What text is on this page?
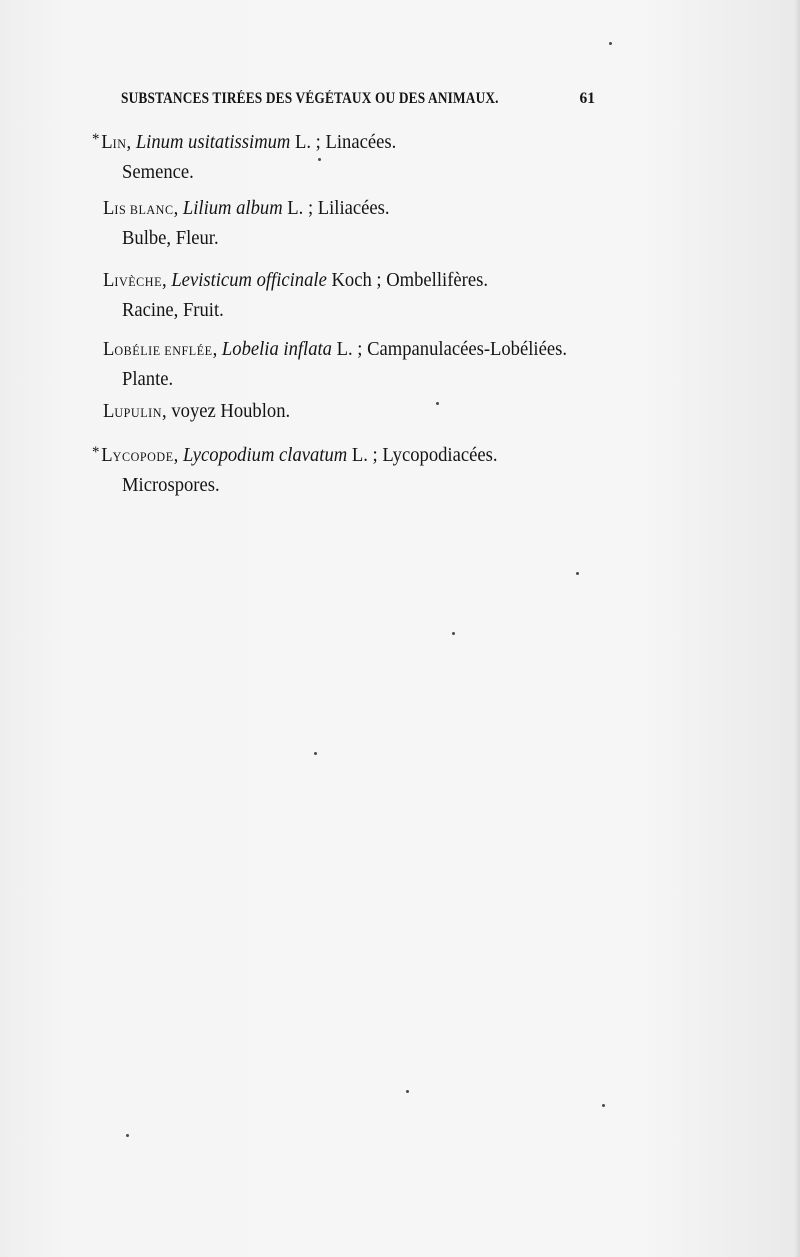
SUBSTANCES TIRÉES DES VÉGÉTAUX OU DES ANIMAUX.	61
*LIN, Linum usitatissimum L. ; Linacées.
Semence.
LIS BLANC, Lilium album L. ; Liliacées.
Bulbe, Fleur.
LIVÈCHE, Levisticum officinale Koch ; Ombellifères.
Racine, Fruit.
LOBÉLIE ENFLÉE, Lobelia inflata L. ; Campanulacées-Lobéliées.
Plante.
LUPULIN, voyez Houblon.
*LYCOPODE, Lycopodium clavatum L. ; Lycopodiacées.
Microspores.
